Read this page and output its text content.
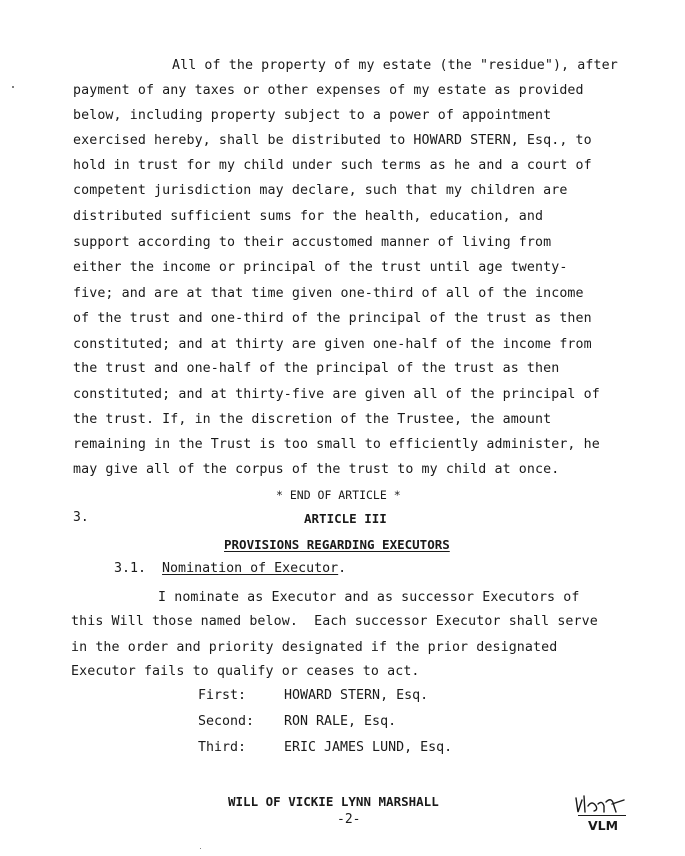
All of the property of my estate (the "residue"), after
payment of any taxes or other expenses of my estate as provided
below, including property subject to a power of appointment
exercised hereby, shall be distributed to HOWARD STERN, Esq., to
hold in trust for my child under such terms as he and a court of
competent jurisdiction may declare, such that my children are
distributed sufficient sums for the health, education, and
support according to their accustomed manner of living from
either the income or principal of the trust until age twenty-
five; and are at that time given one-third of all of the income
of the trust and one-third of the principal of the trust as then
constituted; and at thirty are given one-half of the income from
the trust and one-half of the principal of the trust as then
constituted; and at thirty-five are given all of the principal of
the trust. If, in the discretion of the Trustee, the amount
remaining in the Trust is too small to efficiently administer, he
may give all of the corpus of the trust to my child at once.
* END OF ARTICLE *
3.	ARTICLE III
PROVISIONS REGARDING EXECUTORS
3.1. Nomination of Executor.
I nominate as Executor and as successor Executors of
this Will those named below.  Each successor Executor shall serve
in the order and priority designated if the prior designated
Executor fails to qualify or ceases to act.
First:	HOWARD STERN, Esq.
Second: RON RALE, Esq.
Third:	ERIC JAMES LUND, Esq.
WILL OF VICKIE LYNN MARSHALL
-2-	VLM
